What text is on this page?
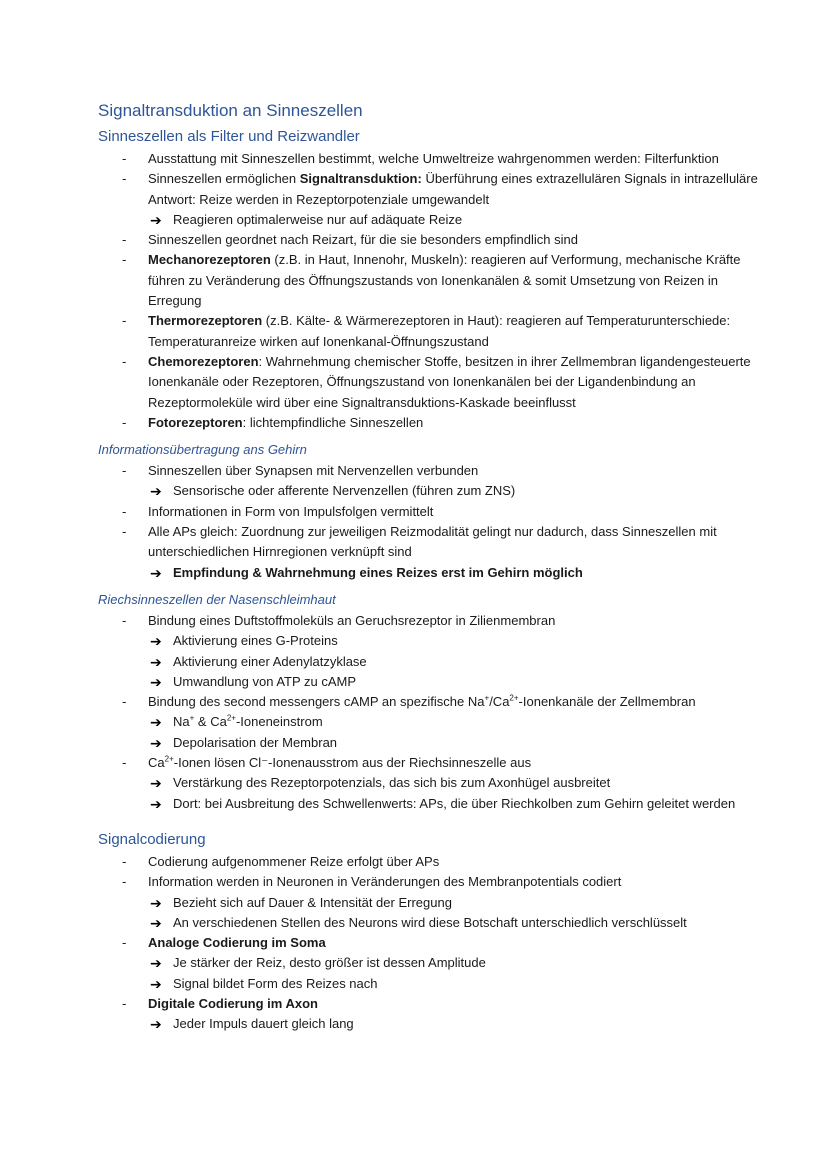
Signaltransduktion an Sinneszellen
Sinneszellen als Filter und Reizwandler
- Ausstattung mit Sinneszellen bestimmt, welche Umweltreize wahrgenommen werden: Filterfunktion
- Sinneszellen ermöglichen Signaltransduktion: Überführung eines extrazellulären Signals in intrazelluläre Antwort: Reize werden in Rezeptorpotenziale umgewandelt
➔ Reagieren optimalerweise nur auf adäquate Reize
- Sinneszellen geordnet nach Reizart, für die sie besonders empfindlich sind
- Mechanorezeptoren (z.B. in Haut, Innenohr, Muskeln): reagieren auf Verformung, mechanische Kräfte führen zu Veränderung des Öffnungszustands von Ionenkanälen & somit Umsetzung von Reizen in Erregung
- Thermorezeptoren (z.B. Kälte- & Wärmerezeptoren in Haut): reagieren auf Temperaturunterschiede: Temperaturanreize wirken auf Ionenkanal-Öffnungszustand
- Chemorezeptoren: Wahrnehmung chemischer Stoffe, besitzen in ihrer Zellmembran ligandengesteuerte Ionenkanäle oder Rezeptoren, Öffnungszustand von Ionenkanälen bei der Ligandenbindung an Rezeptormoleküle wird über eine Signaltransduktions-Kaskade beeinflusst
- Fotorezeptoren: lichtempfindliche Sinneszellen
Informationsübertragung ans Gehirn
- Sinneszellen über Synapsen mit Nervenzellen verbunden
➔ Sensorische oder afferente Nervenzellen (führen zum ZNS)
- Informationen in Form von Impulsfolgen vermittelt
- Alle APs gleich: Zuordnung zur jeweiligen Reizmodalität gelingt nur dadurch, dass Sinneszellen mit unterschiedlichen Hirnregionen verknüpft sind
➔ Empfindung & Wahrnehmung eines Reizes erst im Gehirn möglich
Riechsinneszellen der Nasenschleimhaut
- Bindung eines Duftstoffmoleküls an Geruchsrezeptor in Zilienmembran
➔ Aktivierung eines G-Proteins
➔ Aktivierung einer Adenylatzyklase
➔ Umwandlung von ATP zu cAMP
- Bindung des second messengers cAMP an spezifische $Na^+/Ca^{2+}$-Ionenkanäle der Zellmembran
➔ Na+ & $Ca^{2+}$-Ioneneinstrom
➔ Depolarisation der Membran
- $Ca^{2+}$-Ionen lösen Cl⁻-Ionenausstrom aus der Riechsinneszelle aus
➔ Verstärkung des Rezeptorpotenzials, das sich bis zum Axonhügel ausbreitet
➔ Dort: bei Ausbreitung des Schwellenwerts: APs, die über Riechkolben zum Gehirn geleitet werden
Signalcodierung
- Codierung aufgenommener Reize erfolgt über APs
- Information werden in Neuronen in Veränderungen des Membranpotentials codiert
➔ Bezieht sich auf Dauer & Intensität der Erregung
➔ An verschiedenen Stellen des Neurons wird diese Botschaft unterschiedlich verschlüsselt
- Analoge Codierung im Soma
➔ Je stärker der Reiz, desto größer ist dessen Amplitude
➔ Signal bildet Form des Reizes nach
- Digitale Codierung im Axon
➔ Jeder Impuls dauert gleich lang
